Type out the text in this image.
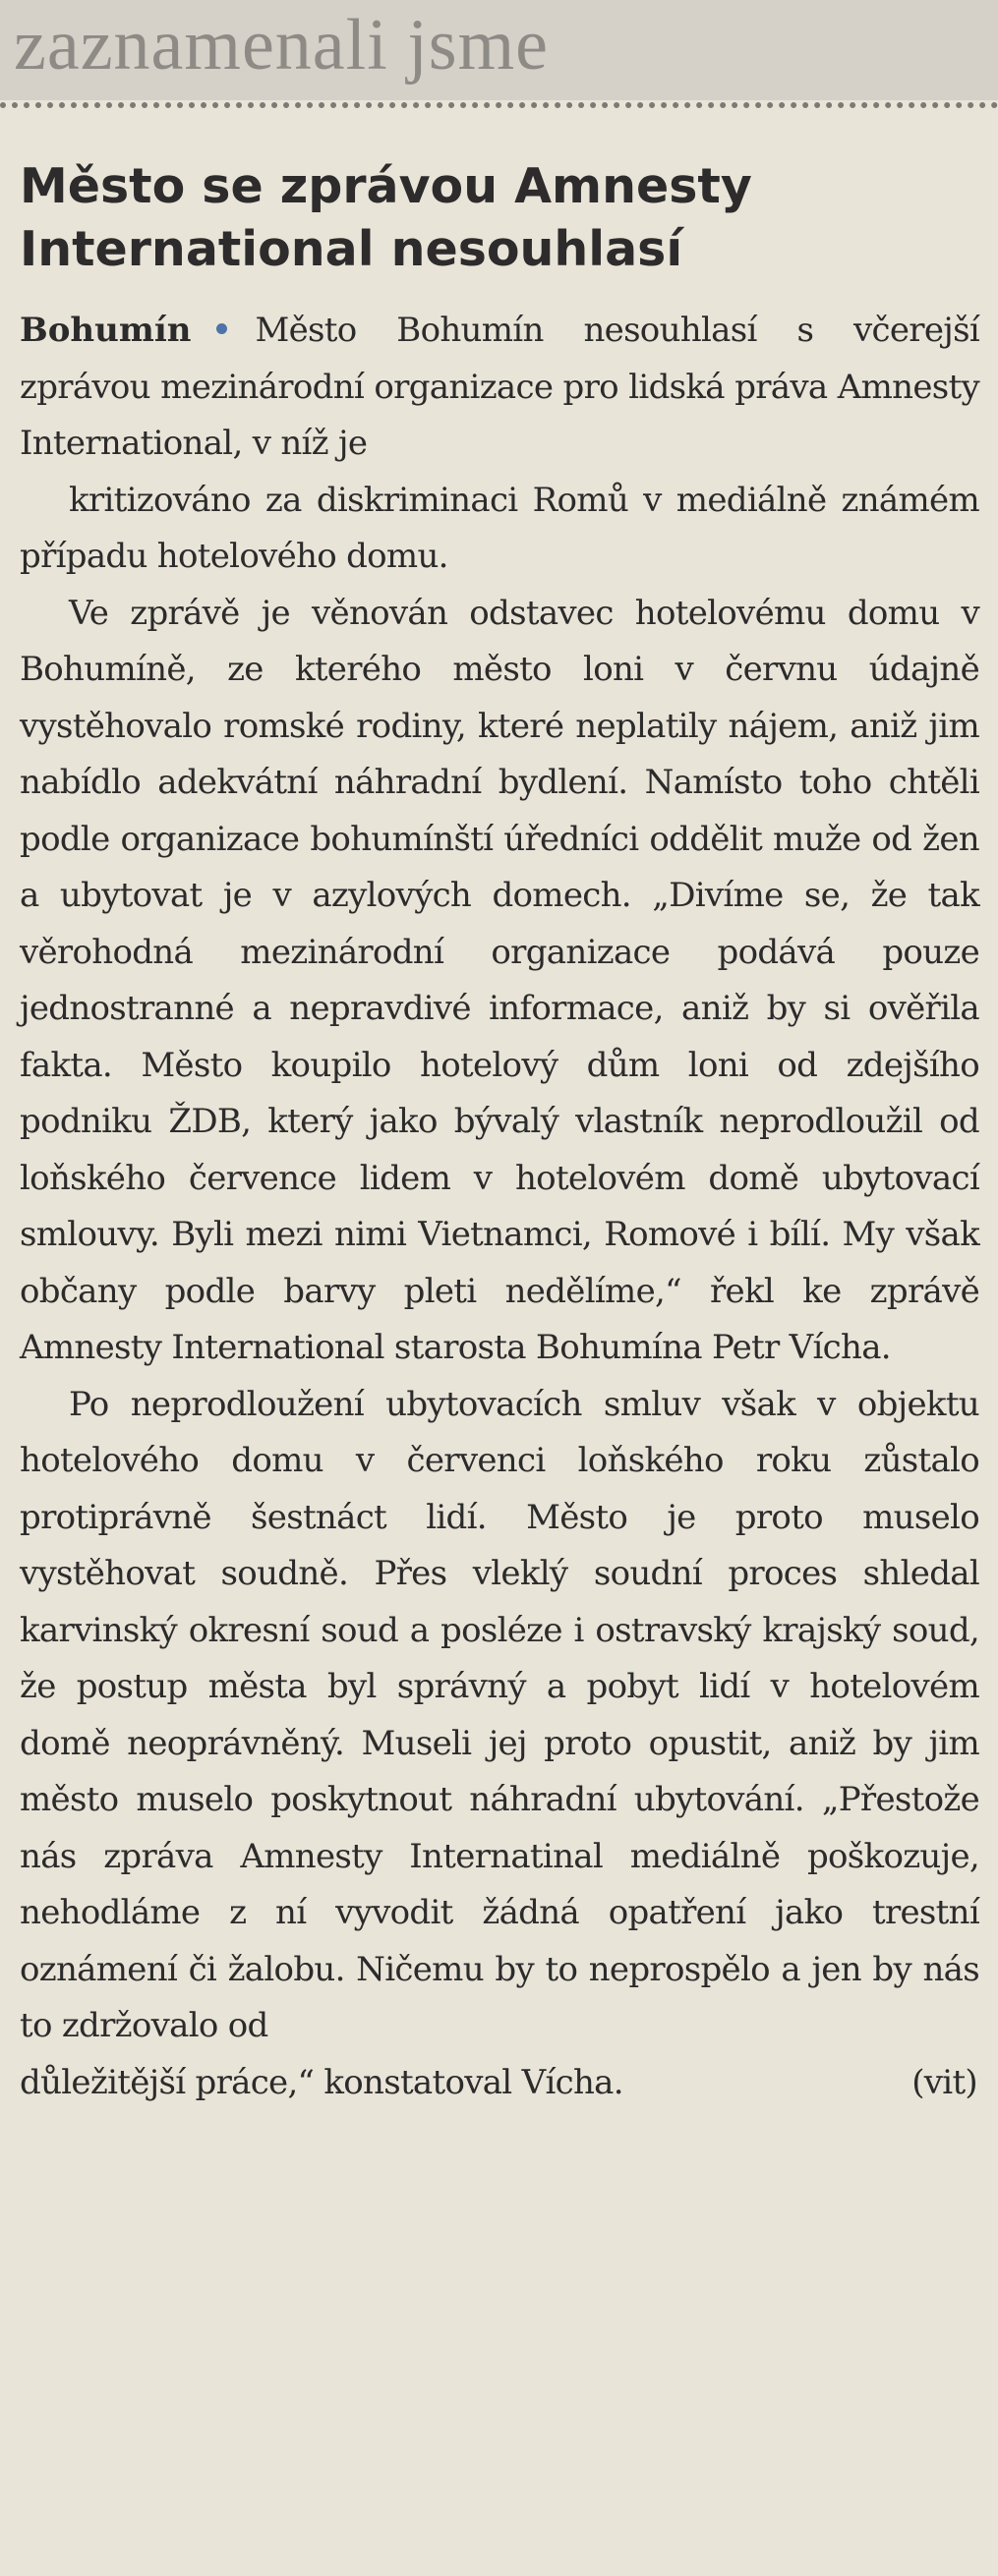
zaznamenali jsme
Město se zprávou Amnesty
International nesouhlasí

Bohumín Město Bohumín nesouhlasí s včerejší zprávou mezinárodní organizace pro lidská práva Amnesty International, v níž je

kritizováno za diskriminaci Romů v mediálně známém případu hotelového domu.

Ve zprávě je věnován odstavec hotelovému domu v Bohumíně, ze kterého město loni v červnu údajně vystěhovalo romské rodiny, které neplatily nájem, aniž jim nabídlo adekvátní náhradní bydlení. Namísto toho chtěli podle organizace bohumínští úředníci oddělit muže od žen a ubytovat je v azylových domech. „Divíme se, že tak věrohodná mezinárodní organizace podává pouze jednostranné a nepravdivé informace, aniž by si ověřila fakta. Město koupilo hotelový dům loni od zdejšího podniku ŽDB, který jako bývalý vlastník neprodloužil od loňského července lidem v hotelovém domě ubytovací smlouvy. Byli mezi nimi Vietnamci, Romové i bílí. My však občany podle barvy pleti nedělíme,“ řekl ke zprávě Amnesty International starosta Bohumína Petr Vícha.

Po neprodloužení ubytovacích smluv však v objektu hotelového domu v červenci loňského roku zůstalo protiprávně šestnáct lidí. Město je proto muselo vystěhovat soudně. Přes vleklý soudní proces shledal karvinský okresní soud a posléze i ostravský krajský soud, že postup města byl správný a pobyt lidí v hotelovém domě neoprávněný. Museli jej proto opustit, aniž by jim město muselo poskytnout náhradní ubytování. „Přestože nás zpráva Amnesty Internatinal mediálně poškozuje, nehodláme z ní vyvodit žádná opatření jako trestní oznámení či žalobu. Ničemu by to neprospělo a jen by nás to zdržovalo od

důležitější práce,“ konstatoval Vícha.	(vit)
